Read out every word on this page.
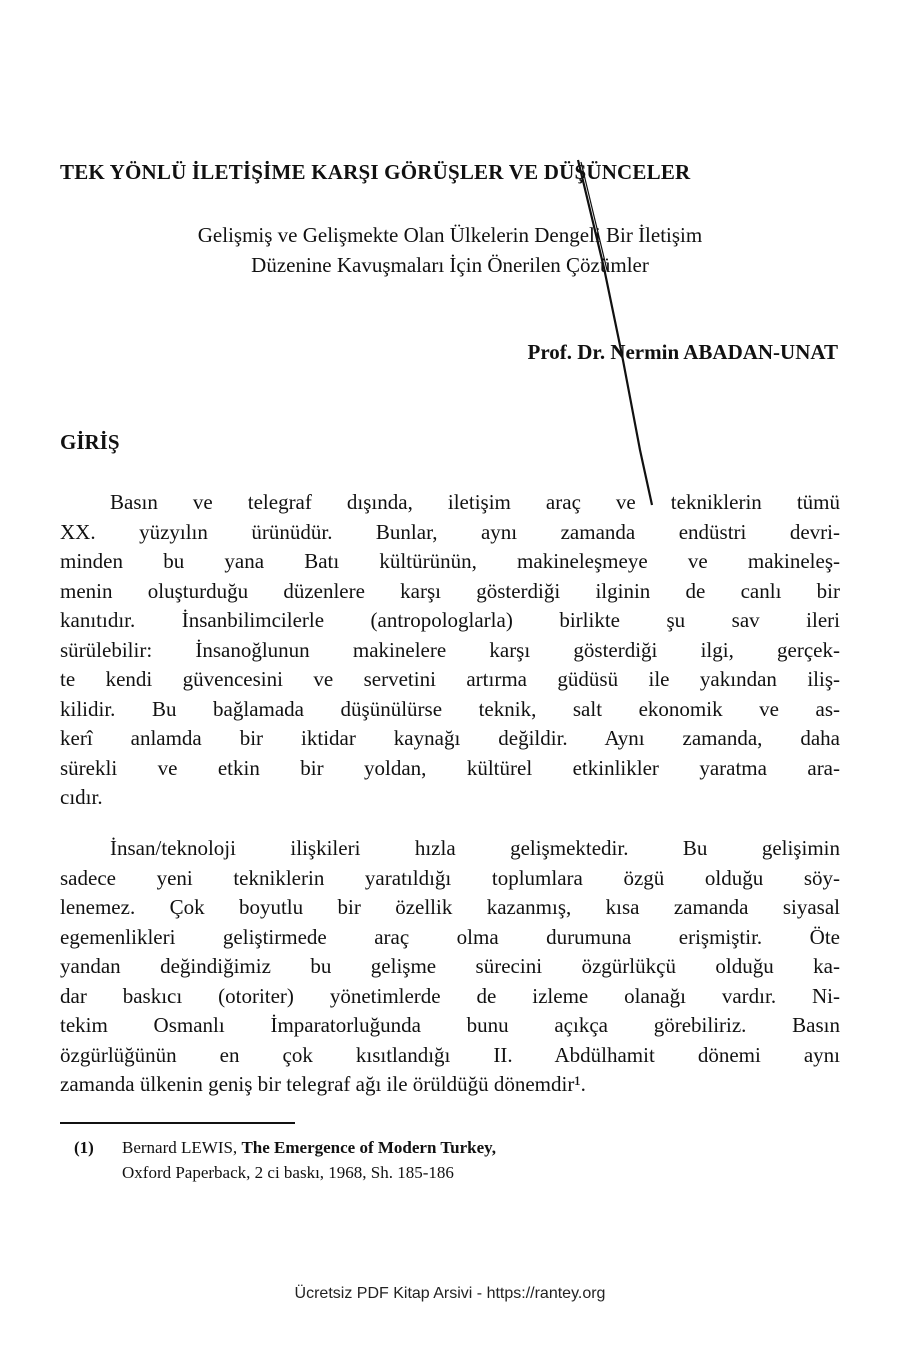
TEK YÖNLÜ İLETİŞİME KARŞI GÖRÜŞLER VE DÜŞÜNCELER
Gelişmiş ve Gelişmekte Olan Ülkelerin Dengeli Bir İletişim
Düzenine Kavuşmaları İçin Önerilen Çözümler
Prof. Dr. Nermin ABADAN-UNAT
GİRİŞ
Basın ve telegraf dışında, iletişim araç ve tekniklerin tümü
XX. yüzyılın ürünüdür. Bunlar, aynı zamanda endüstri devri-
minden bu yana Batı kültürünün, makineleşmeye ve makineleş-
menin oluşturduğu düzenlere karşı gösterdiği ilginin de canlı bir
kanıtıdır. İnsanbilimcilerle (antropologlarla) birlikte şu sav ileri
sürülebilir: İnsanoğlunun makinelere karşı gösterdiği ilgi, gerçek-
te kendi güvencesini ve servetini artırma güdüsü ile yakından iliş-
kilidir. Bu bağlamada düşünülürse teknik, salt ekonomik ve as-
kerî anlamda bir iktidar kaynağı değildir. Aynı zamanda, daha
sürekli ve etkin bir yoldan, kültürel etkinlikler yaratma ara-
cıdır.
İnsan/teknoloji ilişkileri hızla gelişmektedir. Bu gelişimin
sadece yeni tekniklerin yaratıldığı toplumlara özgü olduğu söy-
lenemez. Çok boyutlu bir özellik kazanmış, kısa zamanda siyasal
egemenlikleri geliştirmede araç olma durumuna erişmiştir. Öte
yandan değindiğimiz bu gelişme sürecini özgürlükçü olduğu ka-
dar baskıcı (otoriter) yönetimlerde de izleme olanağı vardır. Ni-
tekim Osmanlı İmparatorluğunda bunu açıkça görebiliriz. Basın
özgürlüğünün en çok kısıtlandığı II. Abdülhamit dönemi aynı
zamanda ülkenin geniş bir telegraf ağı ile örüldüğü dönemdir¹.
(1) Bernard LEWIS, The Emergence of Modern Turkey,
Oxford Paperback, 2 ci baskı, 1968, Sh. 185-186
Ücretsiz PDF Kitap Arsivi - https://rantey.org
